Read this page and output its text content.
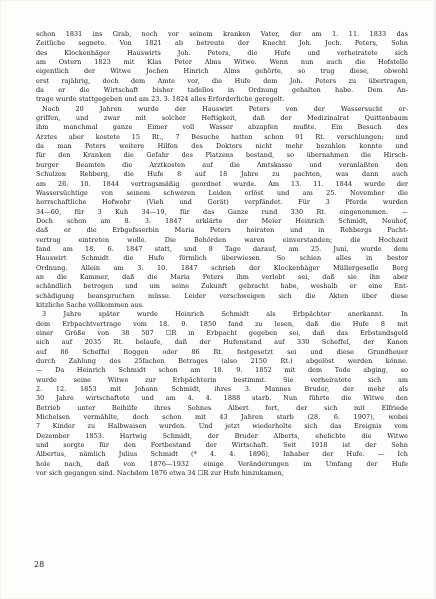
schon 1831 ins Grab, noch vor seinem kranken Vater, der am 1. 11. 1833 das

Zeitliche segnete. Von 1821 ab betreute der Knecht Joh. Joch. Peters, Sohn

des Klockenhäger Hauswirts Joh. Peters, die Hufe und verheiratete sich

am Ostern 1823 mit Klas Peter Alms Witwe. Wenn nun auch die Hofstelle

eigentlich der Witwe Jochen Hinrich Alms gehörte, so trug diese, obwohl

erst rajährig, doch dem Amte vor, die Hufe dem Joh. Peters zu übertragen,

da er die Wirtschaft bisher tadellos in Ordnung gehalten habe. Dem An-

trage wurde stattgegeben und am 23. 3. 1824 alles Erforderliche geregelt.

Nach 20 Jahren wurde der Hauswirt Peters von der Wassersucht er-

griffen, und zwar mit solcher Heftigkeit, daß der Medizinalrat Quittenbaum

ihm manchmal ganze Eimer voll Wasser abzapfen mußte. Ein Besuch des

Arztes aber kostete 15 Rt., 7 Besuche hatten schon 91 Rt. verschlungen; und

da man Peters weitere Hilfen des Doktors nicht mehr bezahlen konnte und

für den Kranken die Gefahr des Platzens bestand, so übernahmen die Hirsch-

burger Beamten die Arztkosten auf die Amtskasse und veranlaßten den

Schulzen Rehberg, die Hufe 8 auf 18 Jahre zu pachten, was dann auch

am 26. 10. 1844 vertragsmäßig geordnet wurde. Am 13. 11. 1844 wurde der

Wassersüchtige von seinem schweren Leiden erlöst und am 25. November die

herrschaftliche Hofwehr (Vieh und Gerät) verpfändet. Für 3 Pferde wurden

34—60, für 3 Kuh 34—19, für das Ganze rund 330 Rt. eingenommen. —

Doch schon am 8. 3. 1847 erklärte der Meier Heinrich Schmidt, Neuhof,

daß er die Erbgefsserbin Maria Peters heiraten und in Rehbergs Pacht-

vertrag eintreten wolle. Die Behörden waren einverstanden; die Hochzeit

fand am 18. 6. 1847 statt, und 8 Tage darauf, am 25. Juni, wurde dem

Hauswirt Schmidt die Hufe förmlich überwiesen. So schien alles in bester

Ordnung. Allein am 3. 10. 1847 schrieb der Klockenhäger Müllergeselle Berg

an die Kammer, daß die Maria Peters ihm verlobt sei, daß sie ihn aber

schändlich betrogen und um seine Zukunft gebracht habe, weshalb er eine Ent-

schädigung beanspruchen müsse. Leider verschweigen sich die Akten über diese

kitzliche Sache vollkommen aus.

3 Jahre später wurde Heinrich Schmidt als Erbpächter anerkannt. In

dem Erbpachtvertrage vom 18. 9. 1850 fand zu lesen, daß die Hufe 8 mit

einer Größe von 38 507 ☐R in Erbpacht gegeben sei, daß das Erbstandsgeld

sich auf 2035 Rt. belaufe, daß der Hufenstand auf 330 Scheffel, der Kanon

auf 86 Scheffel Roggen oder 86 Rt. festgesetzt sei und diese Grundheuer

durch Zahlung des 25fachen Betrages (also 2150 Rt.) abgelöst werden könne.

— Da Heinrich Schmidt schon am 18. 9. 1852 mit dem Tode abging, so

wurde seine Witwe zur Erbpächterin bestimmt. Sie verheiratete sich am

2. 12. 1853 mit Johann Schmidt, ihres 3. Mannes Bruder, der mehr als

30 Jahre wirtschaftete und am 4. 4. 1888 starb. Nun führte die Witwe den

Betrieb unter Beihilfe ihres Sohnes Albert fort, der sich mit Elfriede

Michelsen vermählte, doch schon mit 43 Jahren starb (28. 6. 1907), wobei

7 Kinder zu Halbwaisen wurden. Und jetzt wiederholte sich das Ereignis vom

Dezember 1853. Hartwig Schmidt, der Bruder Alberts, ehelichte die Witwe

und sorgte für den Fortbestand der Wirtschaft. Seit 1918 ist der Sohn

Albertus, nämlich Julius Schmidt (* 4. 4. 1896), Inhaber der Hufe. — Ich

hole nach, daß von 1876—1932 einige Veränderungen im Umfang der Hufe

vor sich gegangen sind. Nachdem 1876 etwa 34 ☐R zur Hufe hinzukamen,

28
